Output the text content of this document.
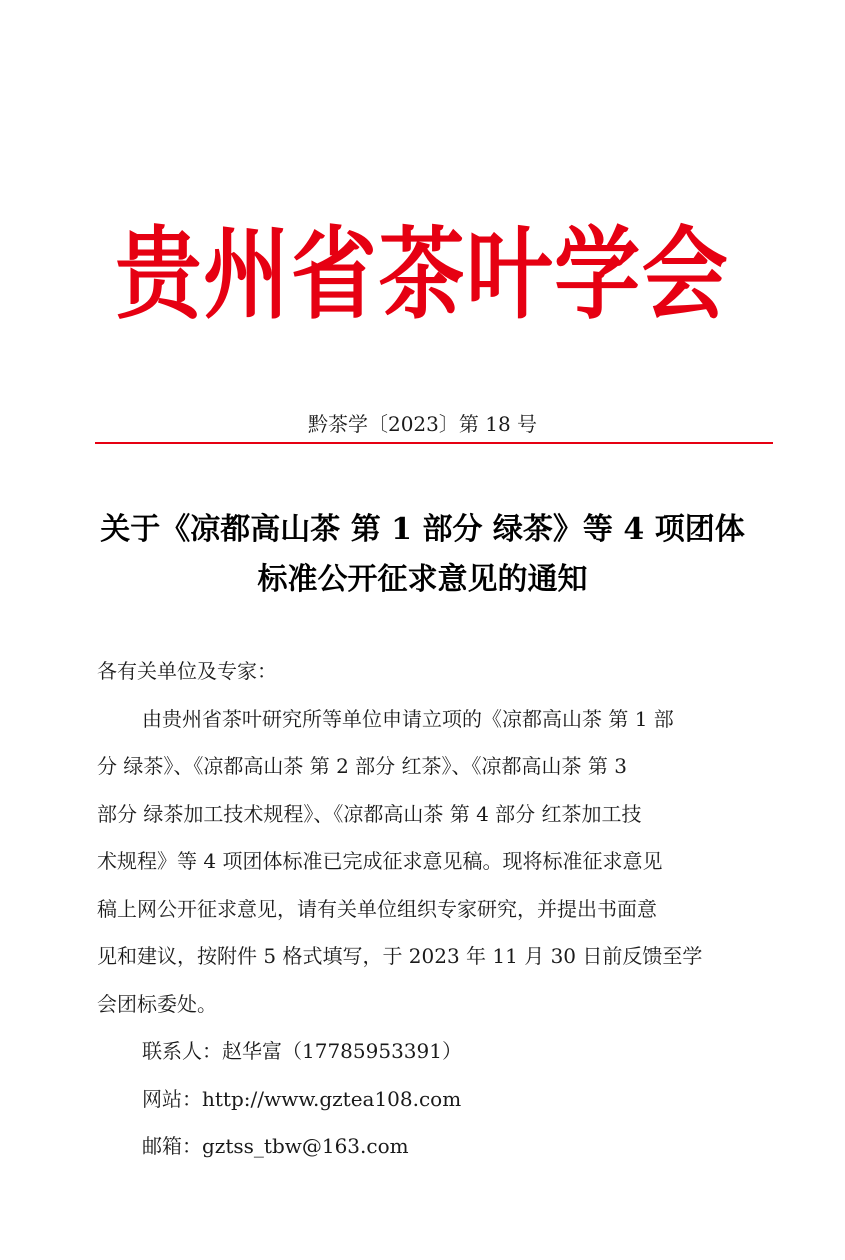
贵州省茶叶学会
黔茶学〔2023〕第 18 号
关于《凉都高山茶 第 1 部分 绿茶》等 4 项团体
标准公开征求意见的通知
各有关单位及专家：
由贵州省茶叶研究所等单位申请立项的《凉都高山茶 第 1 部
分 绿茶》、《凉都高山茶 第 2 部分 红茶》、《凉都高山茶 第 3
部分 绿茶加工技术规程》、《凉都高山茶 第 4 部分 红茶加工技
术规程》等 4 项团体标准已完成征求意见稿。现将标准征求意见
稿上网公开征求意见，请有关单位组织专家研究，并提出书面意
见和建议，按附件 5 格式填写，于 2023 年 11 月 30 日前反馈至学
会团标委处。
联系人：赵华富（17785953391）
网站：http://www.gztea108.com
邮箱：gztss_tbw@163.com
